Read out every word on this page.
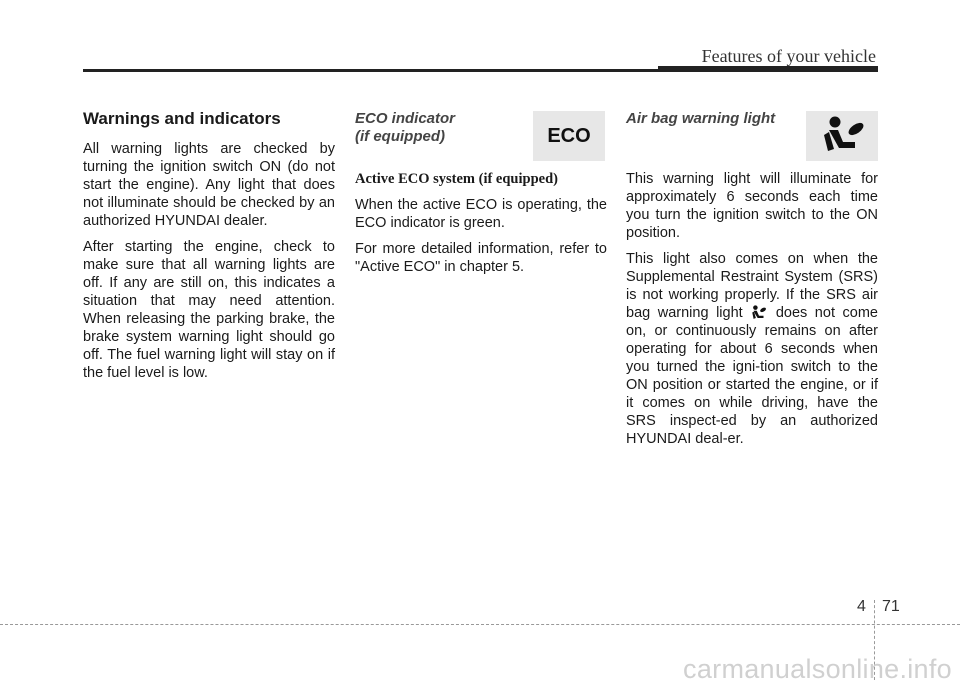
Features of your vehicle
Warnings and indicators

All warning lights are checked by turning the ignition switch ON (do not start the engine). Any light that does not illuminate should be checked by an authorized HYUNDAI dealer.

After starting the engine, check to make sure that all warning lights are off. If any are still on, this indicates a situation that may need attention. When releasing the parking brake, the brake system warning light should go off. The fuel warning light will stay on if the fuel level is low.

ECO indicator
(if equipped)
Active ECO system (if equipped)

When the active ECO is operating, the ECO indicator is green.

For more detailed information, refer to "Active ECO" in chapter 5.

ECO
Air bag warning light

This warning light will illuminate for approximately 6 seconds each time you turn the ignition switch to the ON position.

This light also comes on when the Supplemental Restraint System (SRS) is not working properly. If the SRS air bag warning light does not come on, or continuously remains on after operating for about 6 seconds when you turned the igni-tion switch to the ON position or started the engine, or if it comes on while driving, have the SRS inspect-ed by an authorized HYUNDAI deal-er.

4 71
carmanualsonline.info
